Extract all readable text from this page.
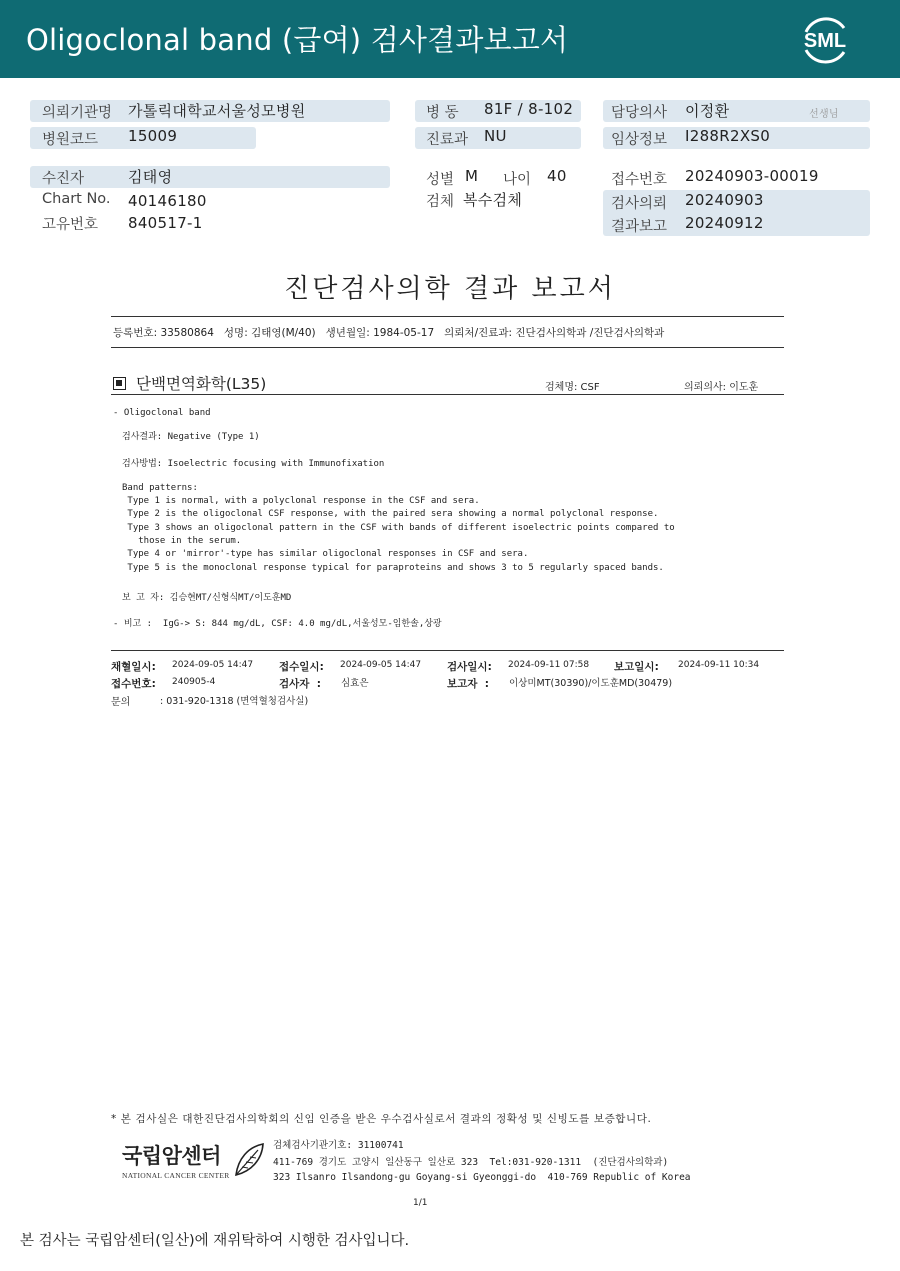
Oligoclonal band (급여) 검사결과보고서	SML
의뢰기관명 가톨릭대학교서울성모병원
병원코드 15009
병 동 81F / 8-102
진료과 NU
담당의사 이정환	선생님
임상정보 I288R2XS0
수진자	김태영
Chart No. 40146180
고유번호 840517-1
성별 M 나이 40
검체 복수검체
접수번호 20240903-00019
검사의뢰 20240903
결과보고 20240912
진단검사의학 결과 보고서
등록번호: 33580864   성명: 김태영(M/40)   생년월일: 1984-05-17   의뢰처/진료과: 진단검사의학과 /진단검사의학과
단백면역화학(L35)	검체명: CSF	의뢰의사: 이도훈
- Oligoclonal band
검사결과: Negative (Type 1)
검사방법: Isoelectric focusing with Immunofixation
Band patterns:
Type 1 is normal, with a polyclonal response in the CSF and sera.
Type 2 is the oligoclonal CSF response, with the paired sera showing a normal polyclonal response.
Type 3 shows an oligoclonal pattern in the CSF with bands of different isoelectric points compared to
those in the serum.
Type 4 or 'mirror'-type has similar oligoclonal responses in CSF and sera.
Type 5 is the monoclonal response typical for paraproteins and shows 3 to 5 regularly spaced bands.
보 고 자: 김승현MT/신형식MT/이도훈MD
- 비고 :  IgG-> S: 844 mg/dL, CSF: 4.0 mg/dL,서울성모-임한솔,상광
채혈일시: 2024-09-05 14:47 접수일시: 2024-09-05 14:47 검사일시: 2024-09-11 07:58 보고일시: 2024-09-11 10:34
접수번호: 240905-4	검사자  : 심효은	보고자  : 이상미MT(30390)/이도훈MD(30479)
문의	: 031-920-1318 (면역혈청검사실)
* 본 검사실은 대한진단검사의학회의 신임 인증을 받은 우수검사실로서 결과의 정확성 및 신빙도를 보증합니다.
국립암센터
NATIONAL CANCER CENTER
검체검사기관기호: 31100741
411-769 경기도 고양시 일산동구 일산로 323  Tel:031-920-1311  (진단검사의학과)
323 Ilsanro Ilsandong-gu Goyang-si Gyeonggi-do  410-769 Republic of Korea
1/1
본 검사는 국립암센터(일산)에 재위탁하여 시행한 검사입니다.
